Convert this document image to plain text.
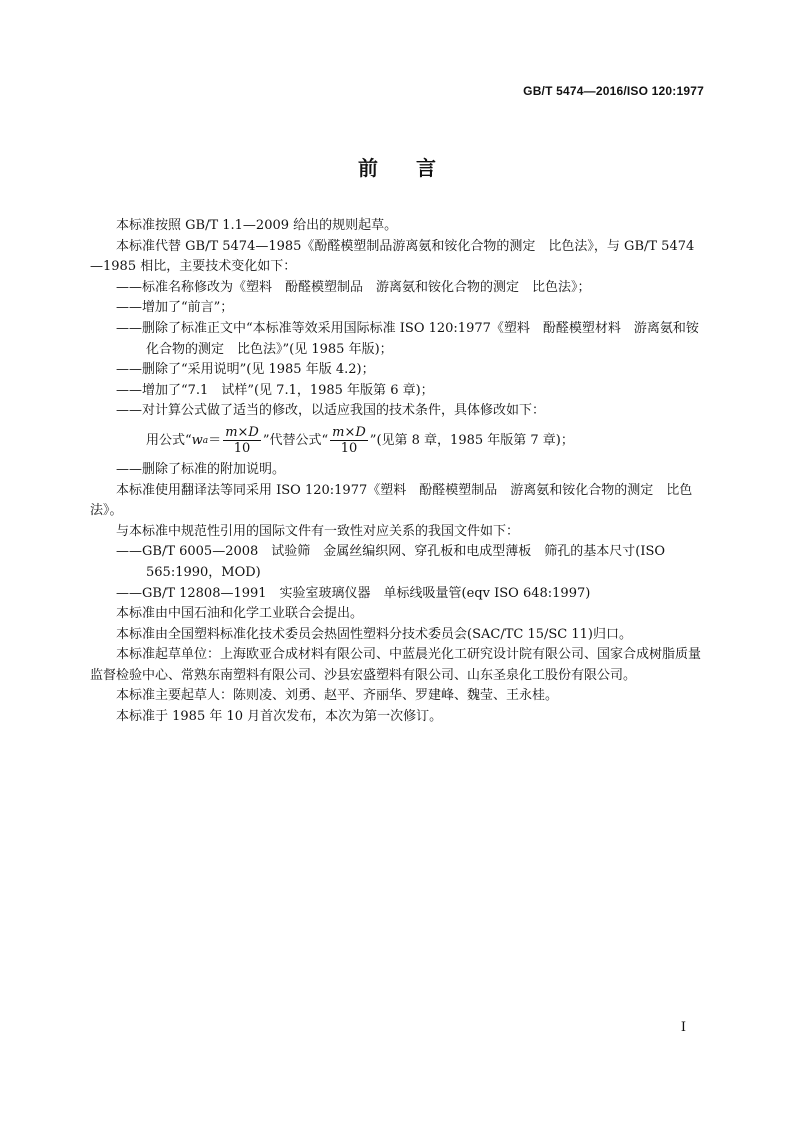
GB/T 5474—2016/ISO 120:1977
前言

本标准按照 GB/T 1.1—2009 给出的规则起草。

本标准代替 GB/T 5474—1985《酚醛模塑制品游离氨和铵化合物的测定　比色法》，与 GB/T 5474—1985 相比，主要技术变化如下：

——标准名称修改为《塑料　酚醛模塑制品　游离氨和铵化合物的测定　比色法》；

——增加了“前言”；

——删除了标准正文中“本标准等效采用国际标准 ISO 120:1977《塑料　酚醛模塑材料　游离氨和铵化合物的测定　比色法》”(见 1985 年版)；

——删除了“采用说明”(见 1985 年版 4.2)；

——增加了“7.1　试样”(见 7.1，1985 年版第 6 章)；

——对计算公式做了适当的修改，以适应我国的技术条件，具体修改如下：

用公式“ w $a = \frac{m\times D}{10}$ ”代替公式“ $\frac{m\times D}{10}$ ”(见第 8 章，1985 年版第 7 章)；

——删除了标准的附加说明。

本标准使用翻译法等同采用 ISO 120:1977《塑料　酚醛模塑制品　游离氨和铵化合物的测定　比色法》。

与本标准中规范性引用的国际文件有一致性对应关系的我国文件如下：

——GB/T 6005—2008　试验筛　金属丝编织网、穿孔板和电成型薄板　筛孔的基本尺寸(ISO 565:1990，MOD)

——GB/T 12808—1991　实验室玻璃仪器　单标线吸量管(eqv ISO 648:1997)

本标准由中国石油和化学工业联合会提出。

本标准由全国塑料标准化技术委员会热固性塑料分技术委员会(SAC/TC 15/SC 11)归口。

本标准起草单位：上海欧亚合成材料有限公司、中蓝晨光化工研究设计院有限公司、国家合成树脂质量监督检验中心、常熟东南塑料有限公司、沙县宏盛塑料有限公司、山东圣泉化工股份有限公司。

本标准主要起草人：陈则凌、刘勇、赵平、齐丽华、罗建峰、魏莹、王永桂。

本标准于 1985 年 10 月首次发布，本次为第一次修订。

I
